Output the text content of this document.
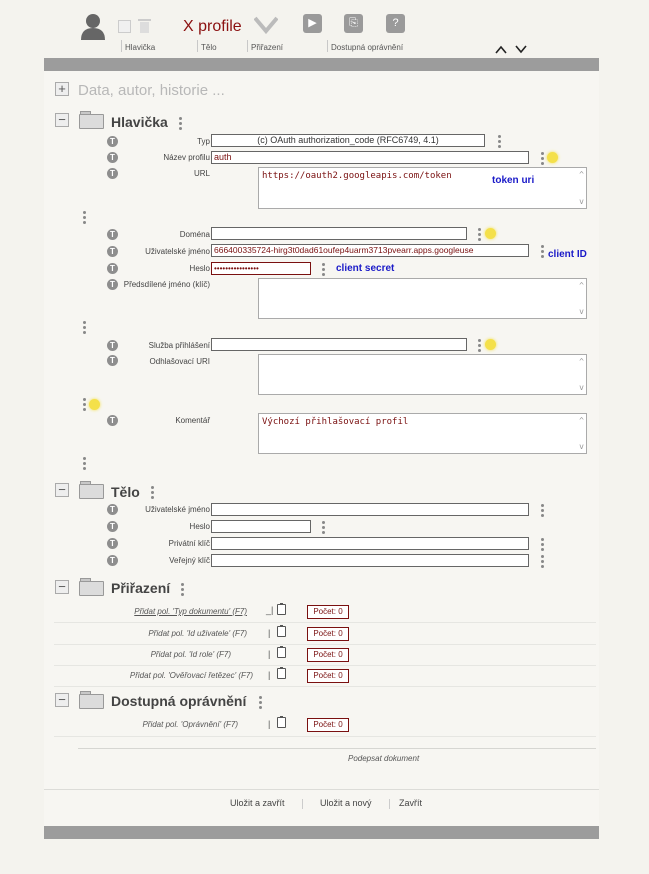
X profile	▶	⎘	?
Hlavička	Tělo	Přiřazení	Dostupná oprávnění
+ Data, autor, historie ...
−	Hlavička
T	Typ	(c) OAuth authorization_code (RFC6749, 4.1)
T	Název profilu auth
T	URL	https://oauth2.googleapis.com/token	^
v
token uri
T	Doména
T	Uživatelské jméno 666400335724-hirg3t0dad61oufep4uarm3713pvearr.apps.googleuse	client ID
T	Heslo ••••••••••••••••	client secret
T	Předsdílené jméno (klíč)	^
v
T	Služba přihlášení
T	Odhlašovací URI	^
v
T	Komentář	Výchozí přihlašovací profil	^
v
−	Tělo
T	Uživatelské jméno
T	Heslo
T	Privátní klíč
T	Veřejný klíč
−	Přiřazení
Přidat pol. 'Typ dokumentu' (F7) _|	Počet: 0
Přidat pol. 'Id uživatele' (F7) |	Počet: 0
Přidat pol. 'Id role' (F7)	|	Počet: 0
Přidat pol. 'Ověřovací řetězec' (F7) |	Počet: 0
−	Dostupná oprávnění
Přidat pol. 'Oprávnění' (F7)	|	Počet: 0
Podepsat dokument
Uložit a zavřít	Uložit a nový	Zavřít
